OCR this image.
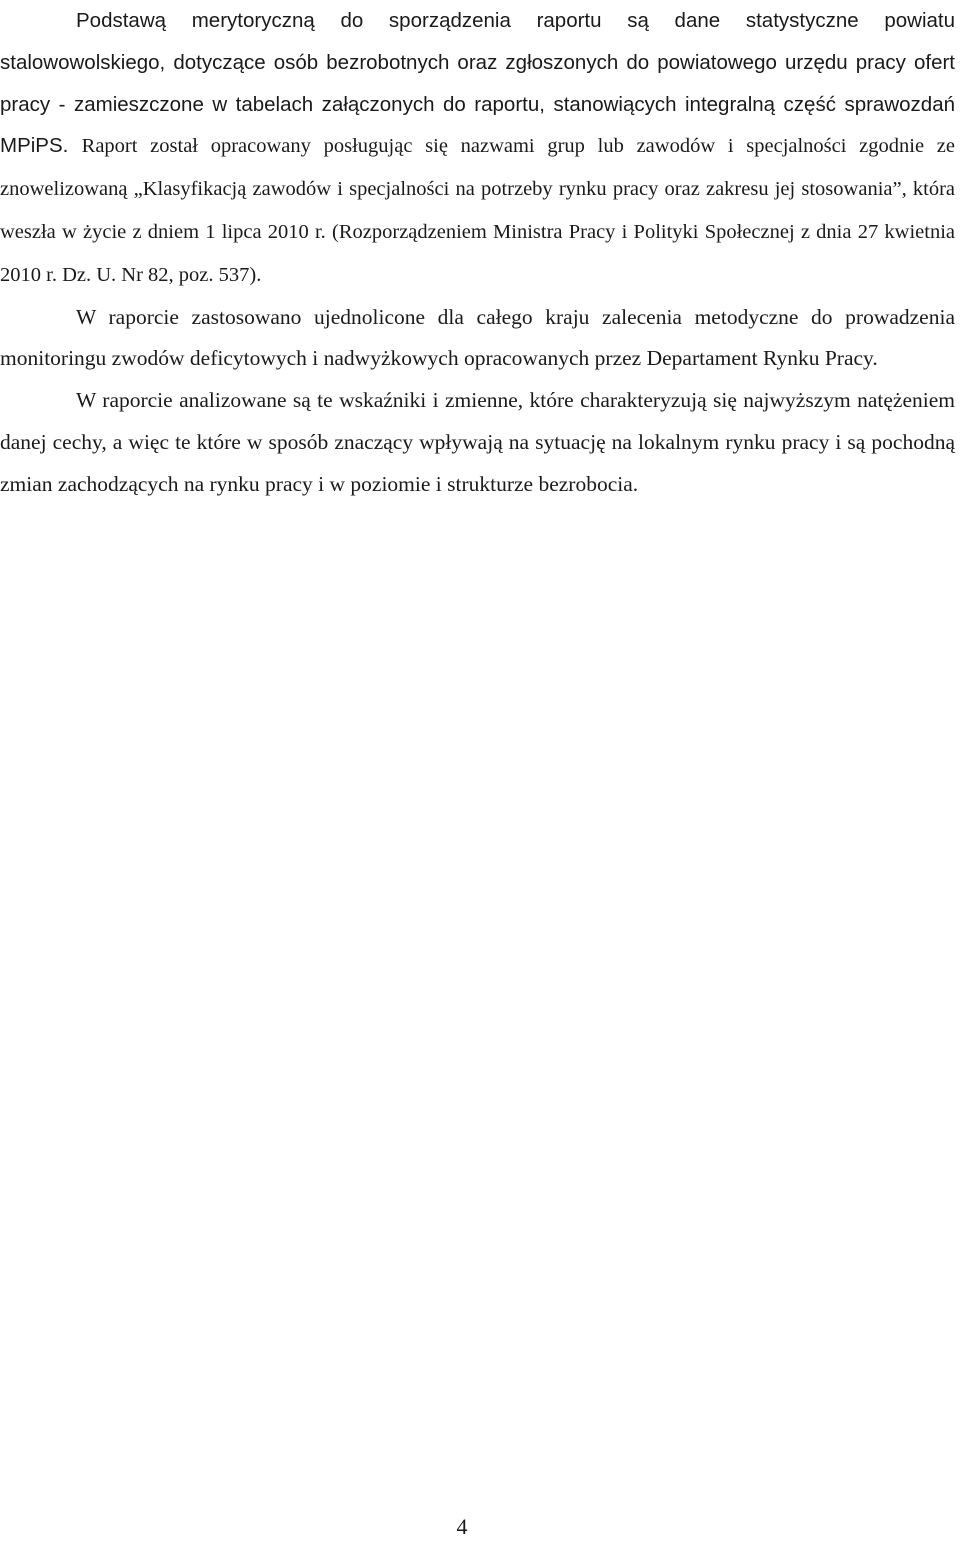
Podstawą merytoryczną do sporządzenia raportu są dane statystyczne powiatu stalowowolskiego, dotyczące osób bezrobotnych oraz zgłoszonych do powiatowego urzędu pracy ofert pracy - zamieszczone w tabelach załączonych do raportu, stanowiących integralną część sprawozdań MPiPS. Raport został opracowany posługując się nazwami grup lub zawodów i specjalności zgodnie ze znowelizowaną „Klasyfikacją zawodów i specjalności na potrzeby rynku pracy oraz zakresu jej stosowania”, która weszła w życie z dniem 1 lipca 2010 r. (Rozporządzeniem Ministra Pracy i Polityki Społecznej z dnia 27 kwietnia 2010 r. Dz. U. Nr 82, poz. 537).

W raporcie zastosowano ujednolicone dla całego kraju zalecenia metodyczne do prowadzenia monitoringu zwodów deficytowych i nadwyżkowych opracowanych przez Departament Rynku Pracy.

W raporcie analizowane są te wskaźniki i zmienne, które charakteryzują się najwyższym natężeniem danej cechy, a więc te które w sposób znaczący wpływają na sytuację na lokalnym rynku pracy i są pochodną zmian zachodzących na rynku pracy i w poziomie i strukturze bezrobocia.

4
